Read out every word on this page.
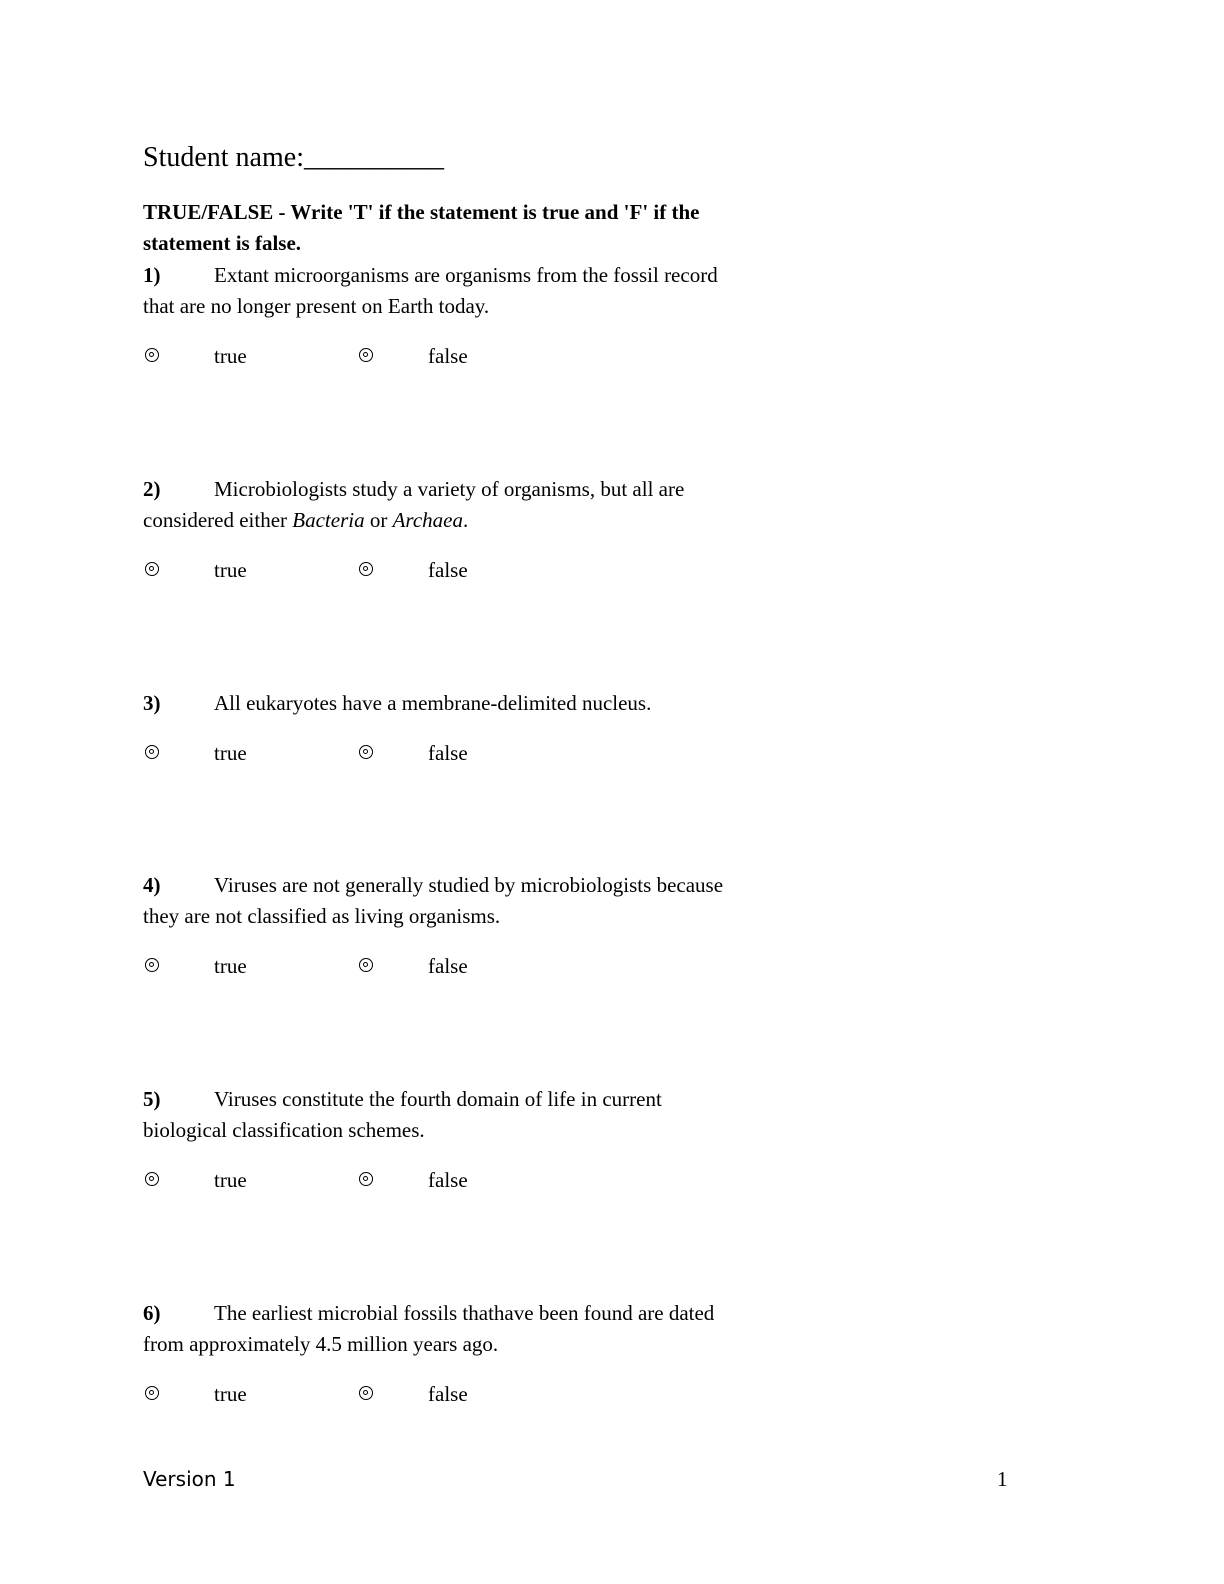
Student name:__________
TRUE/FALSE - Write 'T' if the statement is true and 'F' if the statement is false.

1)	Extant microorganisms are organisms from the fossil record that are no longer present on Earth today.

true	false

2)	Microbiologists study a variety of organisms, but all are considered either Bacteria or Archaea.

true	false

3)	All eukaryotes have a membrane-delimited nucleus.

true	false

4)	Viruses are not generally studied by microbiologists because they are not classified as living organisms.

true	false

5)	Viruses constitute the fourth domain of life in current biological classification schemes.

true	false

6)	The earliest microbial fossils thathave been found are dated from approximately 4.5 million years ago.

true	false
Version 1	1
